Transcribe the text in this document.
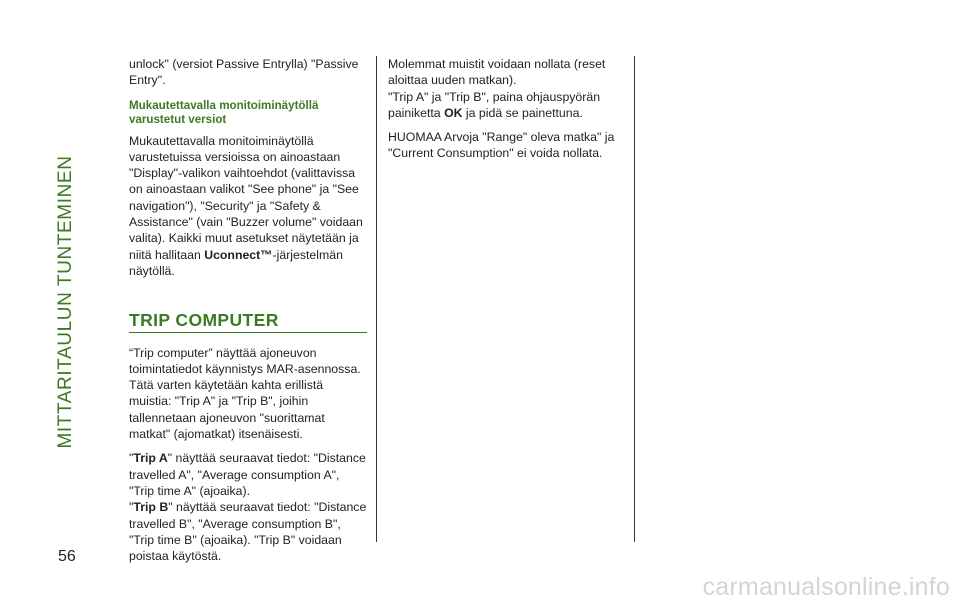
MITTARITAULUN TUNTEMINEN

unlock" (versiot Passive Entrylla) "Passive Entry".

Mukautettavalla monitoiminäytöllä varustetut versiot

Mukautettavalla monitoiminäytöllä varustetuissa versioissa on ainoastaan "Display"-valikon vaihtoehdot (valittavissa on ainoastaan valikot "See phone" ja "See navigation"), "Security" ja "Safety & Assistance" (vain "Buzzer volume" voidaan valita). Kaikki muut asetukset näytetään ja niitä hallitaan Uconnect™-järjestelmän näytöllä.

TRIP COMPUTER

“Trip computer” näyttää ajoneuvon toimintatiedot käynnistys MAR-asennossa.

Tätä varten käytetään kahta erillistä muistia: "Trip A" ja "Trip B", joihin tallennetaan ajoneuvon "suorittamat matkat" (ajomatkat) itsenäisesti.

"Trip A" näyttää seuraavat tiedot: "Distance travelled A", "Average consumption A", "Trip time A" (ajoaika).

"Trip B" näyttää seuraavat tiedot: "Distance travelled B", "Average consumption B", "Trip time B" (ajoaika). "Trip B" voidaan poistaa käytöstä.

Molemmat muistit voidaan nollata (reset aloittaa uuden matkan).

"Trip A" ja "Trip B", paina ohjauspyörän painiketta OK ja pidä se painettuna.

HUOMAA Arvoja "Range" oleva matka" ja "Current Consumption" ei voida nollata.

56
carmanualsonline.info
